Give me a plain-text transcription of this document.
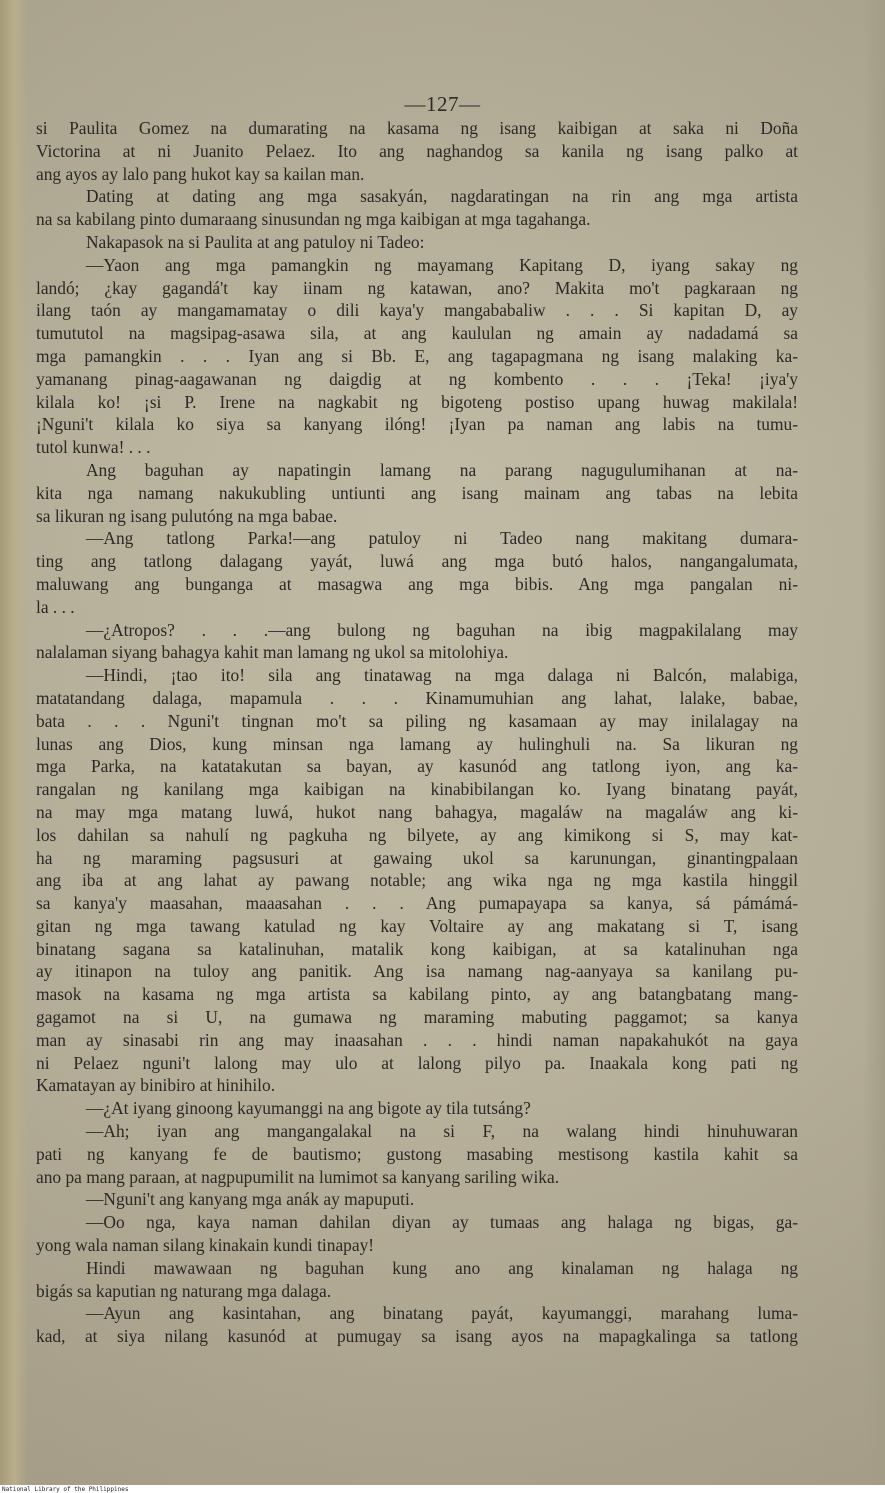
—127—
si Paulita Gomez na dumarating na kasama ng isang kaibigan at saka ni Doña
Victorina at ni Juanito Pelaez. Ito ang naghandog sa kanila ng isang palko at
ang ayos ay lalo pang hukot kay sa kailan man.
Dating at dating ang mga sasakyán, nagdaratingan na rin ang mga artista
na sa kabilang pinto dumaraang sinusundan ng mga kaibigan at mga tagahanga.
Nakapasok na si Paulita at ang patuloy ni Tadeo:
—Yaon ang mga pamangkin ng mayamang Kapitang D, iyang sakay ng
landó; ¿kay gagandá't kay iinam ng katawan, ano? Makita mo't pagkaraan ng
ilang taón ay mangamamatay o dili kaya'y mangababaliw . . . Si kapitan D, ay
tumututol na magsipag-asawa sila, at ang kaululan ng amain ay nadadamá sa
mga pamangkin . . . Iyan ang si Bb. E, ang tagapagmana ng isang malaking ka-
yamanang pinag-aagawanan ng daigdig at ng kombento . . . ¡Teka! ¡iya'y
kilala ko! ¡si P. Irene na nagkabit ng bigoteng postiso upang huwag makilala!
¡Nguni't kilala ko siya sa kanyang ilóng! ¡Iyan pa naman ang labis na tumu-
tutol kunwa! . . .
Ang baguhan ay napatingin lamang na parang nagugulumihanan at na-
kita nga namang nakukubling untiunti ang isang mainam ang tabas na lebita
sa likuran ng isang pulutóng na mga babae.
—Ang tatlong Parka!—ang patuloy ni Tadeo nang makitang dumara-
ting ang tatlong dalagang yayát, luwá ang mga butó halos, nangangalumata,
maluwang ang bunganga at masagwa ang mga bibis. Ang mga pangalan ni-
la . . .
—¿Atropos? . . .—ang bulong ng baguhan na ibig magpakilalang may
nalalaman siyang bahagya kahit man lamang ng ukol sa mitolohiya.
—Hindi, ¡tao ito! sila ang tinatawag na mga dalaga ni Balcón, malabiga,
matatandang dalaga, mapamula . . . Kinamumuhian ang lahat, lalake, babae,
bata . . . Nguni't tingnan mo't sa piling ng kasamaan ay may inilalagay na
lunas ang Dios, kung minsan nga lamang ay hulinghuli na. Sa likuran ng
mga Parka, na katatakutan sa bayan, ay kasunód ang tatlong iyon, ang ka-
rangalan ng kanilang mga kaibigan na kinabibilangan ko. Iyang binatang payát,
na may mga matang luwá, hukot nang bahagya, magaláw na magaláw ang ki-
los dahilan sa nahulí ng pagkuha ng bilyete, ay ang kimikong si S, may kat-
ha ng maraming pagsusuri at gawaing ukol sa karunungan, ginantingpalaan
ang iba at ang lahat ay pawang notable; ang wika nga ng mga kastila hinggil
sa kanya'y maasahan, maaasahan . . . Ang pumapayapa sa kanya, sá pámámá-
gitan ng mga tawang katulad ng kay Voltaire ay ang makatang si T, isang
binatang sagana sa katalinuhan, matalik kong kaibigan, at sa katalinuhan nga
ay itinapon na tuloy ang panitik. Ang isa namang nag-aanyaya sa kanilang pu-
masok na kasama ng mga artista sa kabilang pinto, ay ang batangbatang mang-
gagamot na si U, na gumawa ng maraming mabuting paggamot; sa kanya
man ay sinasabi rin ang may inaasahan . . . hindi naman napakahukót na gaya
ni Pelaez nguni't lalong may ulo at lalong pilyo pa. Inaakala kong pati ng
Kamatayan ay binibiro at hinihilo.
—¿At iyang ginoong kayumanggi na ang bigote ay tila tutsáng?
—Ah; iyan ang mangangalakal na si F, na walang hindi hinuhuwaran
pati ng kanyang fe de bautismo; gustong masabing mestisong kastila kahit sa
ano pa mang paraan, at nagpupumilit na lumimot sa kanyang sariling wika.
—Nguni't ang kanyang mga anák ay mapuputi.
—Oo nga, kaya naman dahilan diyan ay tumaas ang halaga ng bigas, ga-
yong wala naman silang kinakain kundi tinapay!
Hindi mawawaan ng baguhan kung ano ang kinalaman ng halaga ng
bigás sa kaputian ng naturang mga dalaga.
—Ayun ang kasintahan, ang binatang payát, kayumanggi, marahang luma-
kad, at siya nilang kasunód at pumugay sa isang ayos na mapagkalinga sa tatlong
National Library of the Philippines
